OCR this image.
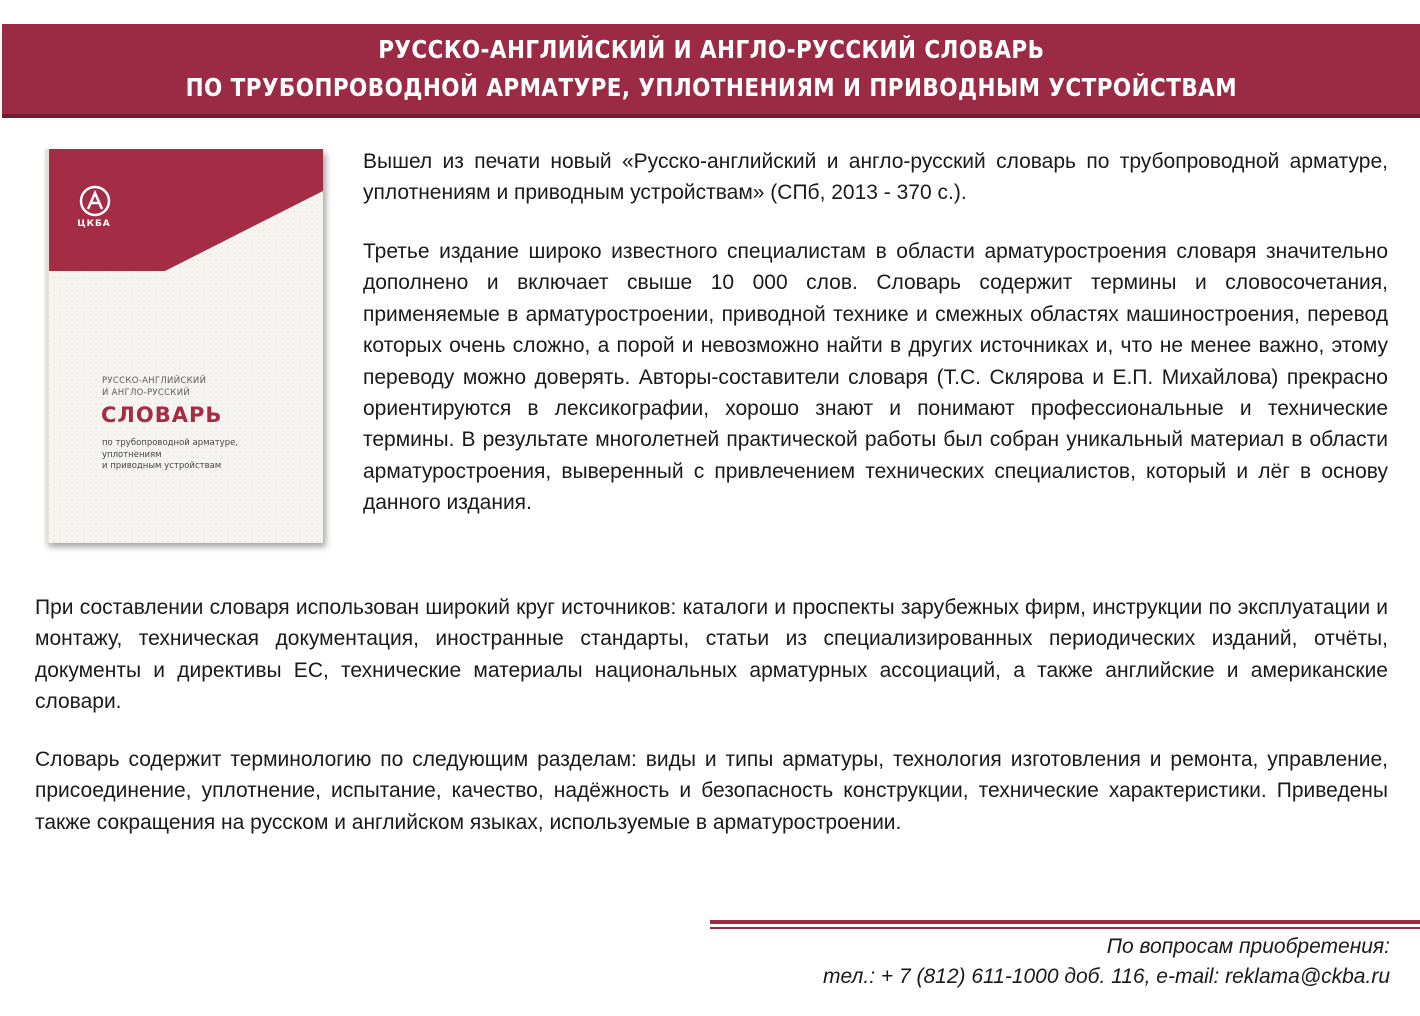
РУССКО-АНГЛИЙСКИЙ И АНГЛО-РУССКИЙ СЛОВАРЬ
ПО ТРУБОПРОВОДНОЙ АРМАТУРЕ, УПЛОТНЕНИЯМ И ПРИВОДНЫМ УСТРОЙСТВАМ
ЦКБА
РУССКО-АНГЛИЙСКИЙ
И АНГЛО-РУССКИЙ
СЛОВАРЬ
по трубопроводной арматуре,
уплотнениям
и приводным устройствам

Вышел из печати новый «Русско-английский и англо-русский словарь по трубопроводной арматуре, уплотнениям и приводным устройствам» (СПб, 2013 - 370 с.).

Третье издание широко известного специалистам в области арматуростроения словаря значительно дополнено и включает свыше 10 000 слов. Словарь содержит термины и словосочетания, применяемые в арматуростроении, приводной технике и смежных областях машиностроения, перевод которых очень сложно, а порой и невозможно найти в других источниках и, что не менее важно, этому переводу можно доверять. Авторы-составители словаря (Т.С. Склярова и Е.П. Михайлова) прекрасно ориентируются в лексикографии, хорошо знают и понимают профессиональные и технические термины. В результате многолетней практической работы был собран уникальный материал в области арматуростроения, выверенный с привлечением технических специалистов, который и лёг в основу данного издания.

При составлении словаря использован широкий круг источников: каталоги и проспекты зарубежных фирм, инструкции по эксплуатации и монтажу, техническая документация, иностранные стандарты, статьи из специализированных периодических изданий, отчёты, документы и директивы ЕС, технические материалы национальных арматурных ассоциаций, а также английские и американские словари.

Словарь содержит терминологию по следующим разделам: виды и типы арматуры, технология изготовления и ремонта, управление, присоединение, уплотнение, испытание, качество, надёжность и безопасность конструкции, технические характеристики. Приведены также сокращения на русском и английском языках, используемые в арматуростроении.

По вопросам приобретения:
тел.: + 7 (812) 611-1000 доб. 116, e-mail: reklama@ckba.ru
